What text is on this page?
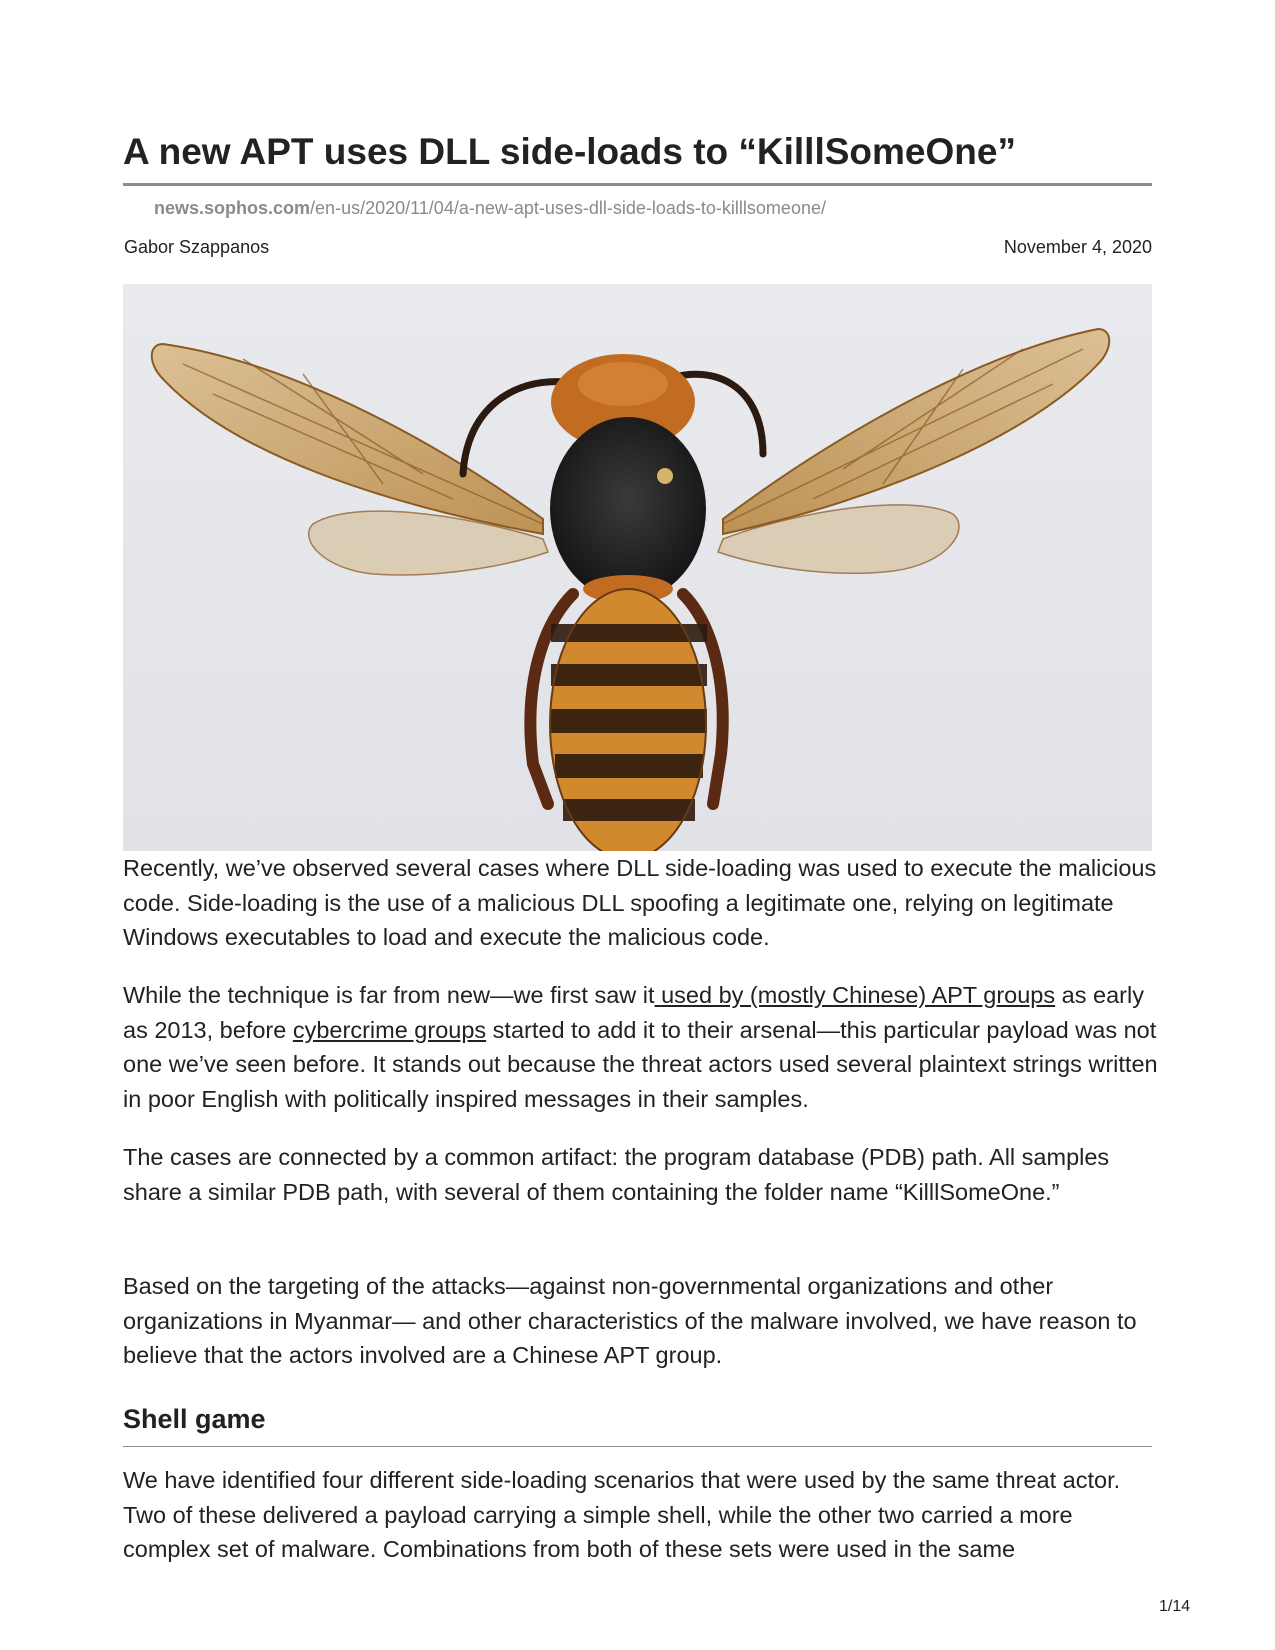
A new APT uses DLL side-loads to “KilllSomeOne”
news.sophos.com/en-us/2020/11/04/a-new-apt-uses-dll-side-loads-to-killlsomeone/
Gabor Szappanos	November 4, 2020

Recently, we’ve observed several cases where DLL side-loading was used to execute the malicious code. Side-loading is the use of a malicious DLL spoofing a legitimate one, relying on legitimate Windows executables to load and execute the malicious code.

While the technique is far from new—we first saw it used by (mostly Chinese) APT groups as early as 2013, before cybercrime groups started to add it to their arsenal—this particular payload was not one we’ve seen before. It stands out because the threat actors used several plaintext strings written in poor English with politically inspired messages in their samples.

The cases are connected by a common artifact: the program database (PDB) path. All samples share a similar PDB path, with several of them containing the folder name “KilllSomeOne.”

Based on the targeting of the attacks—against non-governmental organizations and other organizations in Myanmar— and other characteristics of the malware involved, we have reason to believe that the actors involved are a Chinese APT group.

Shell game

We have identified four different side-loading scenarios that were used by the same threat actor. Two of these delivered a payload carrying a simple shell, while the other two carried a more complex set of malware. Combinations from both of these sets were used in the same

1/14
